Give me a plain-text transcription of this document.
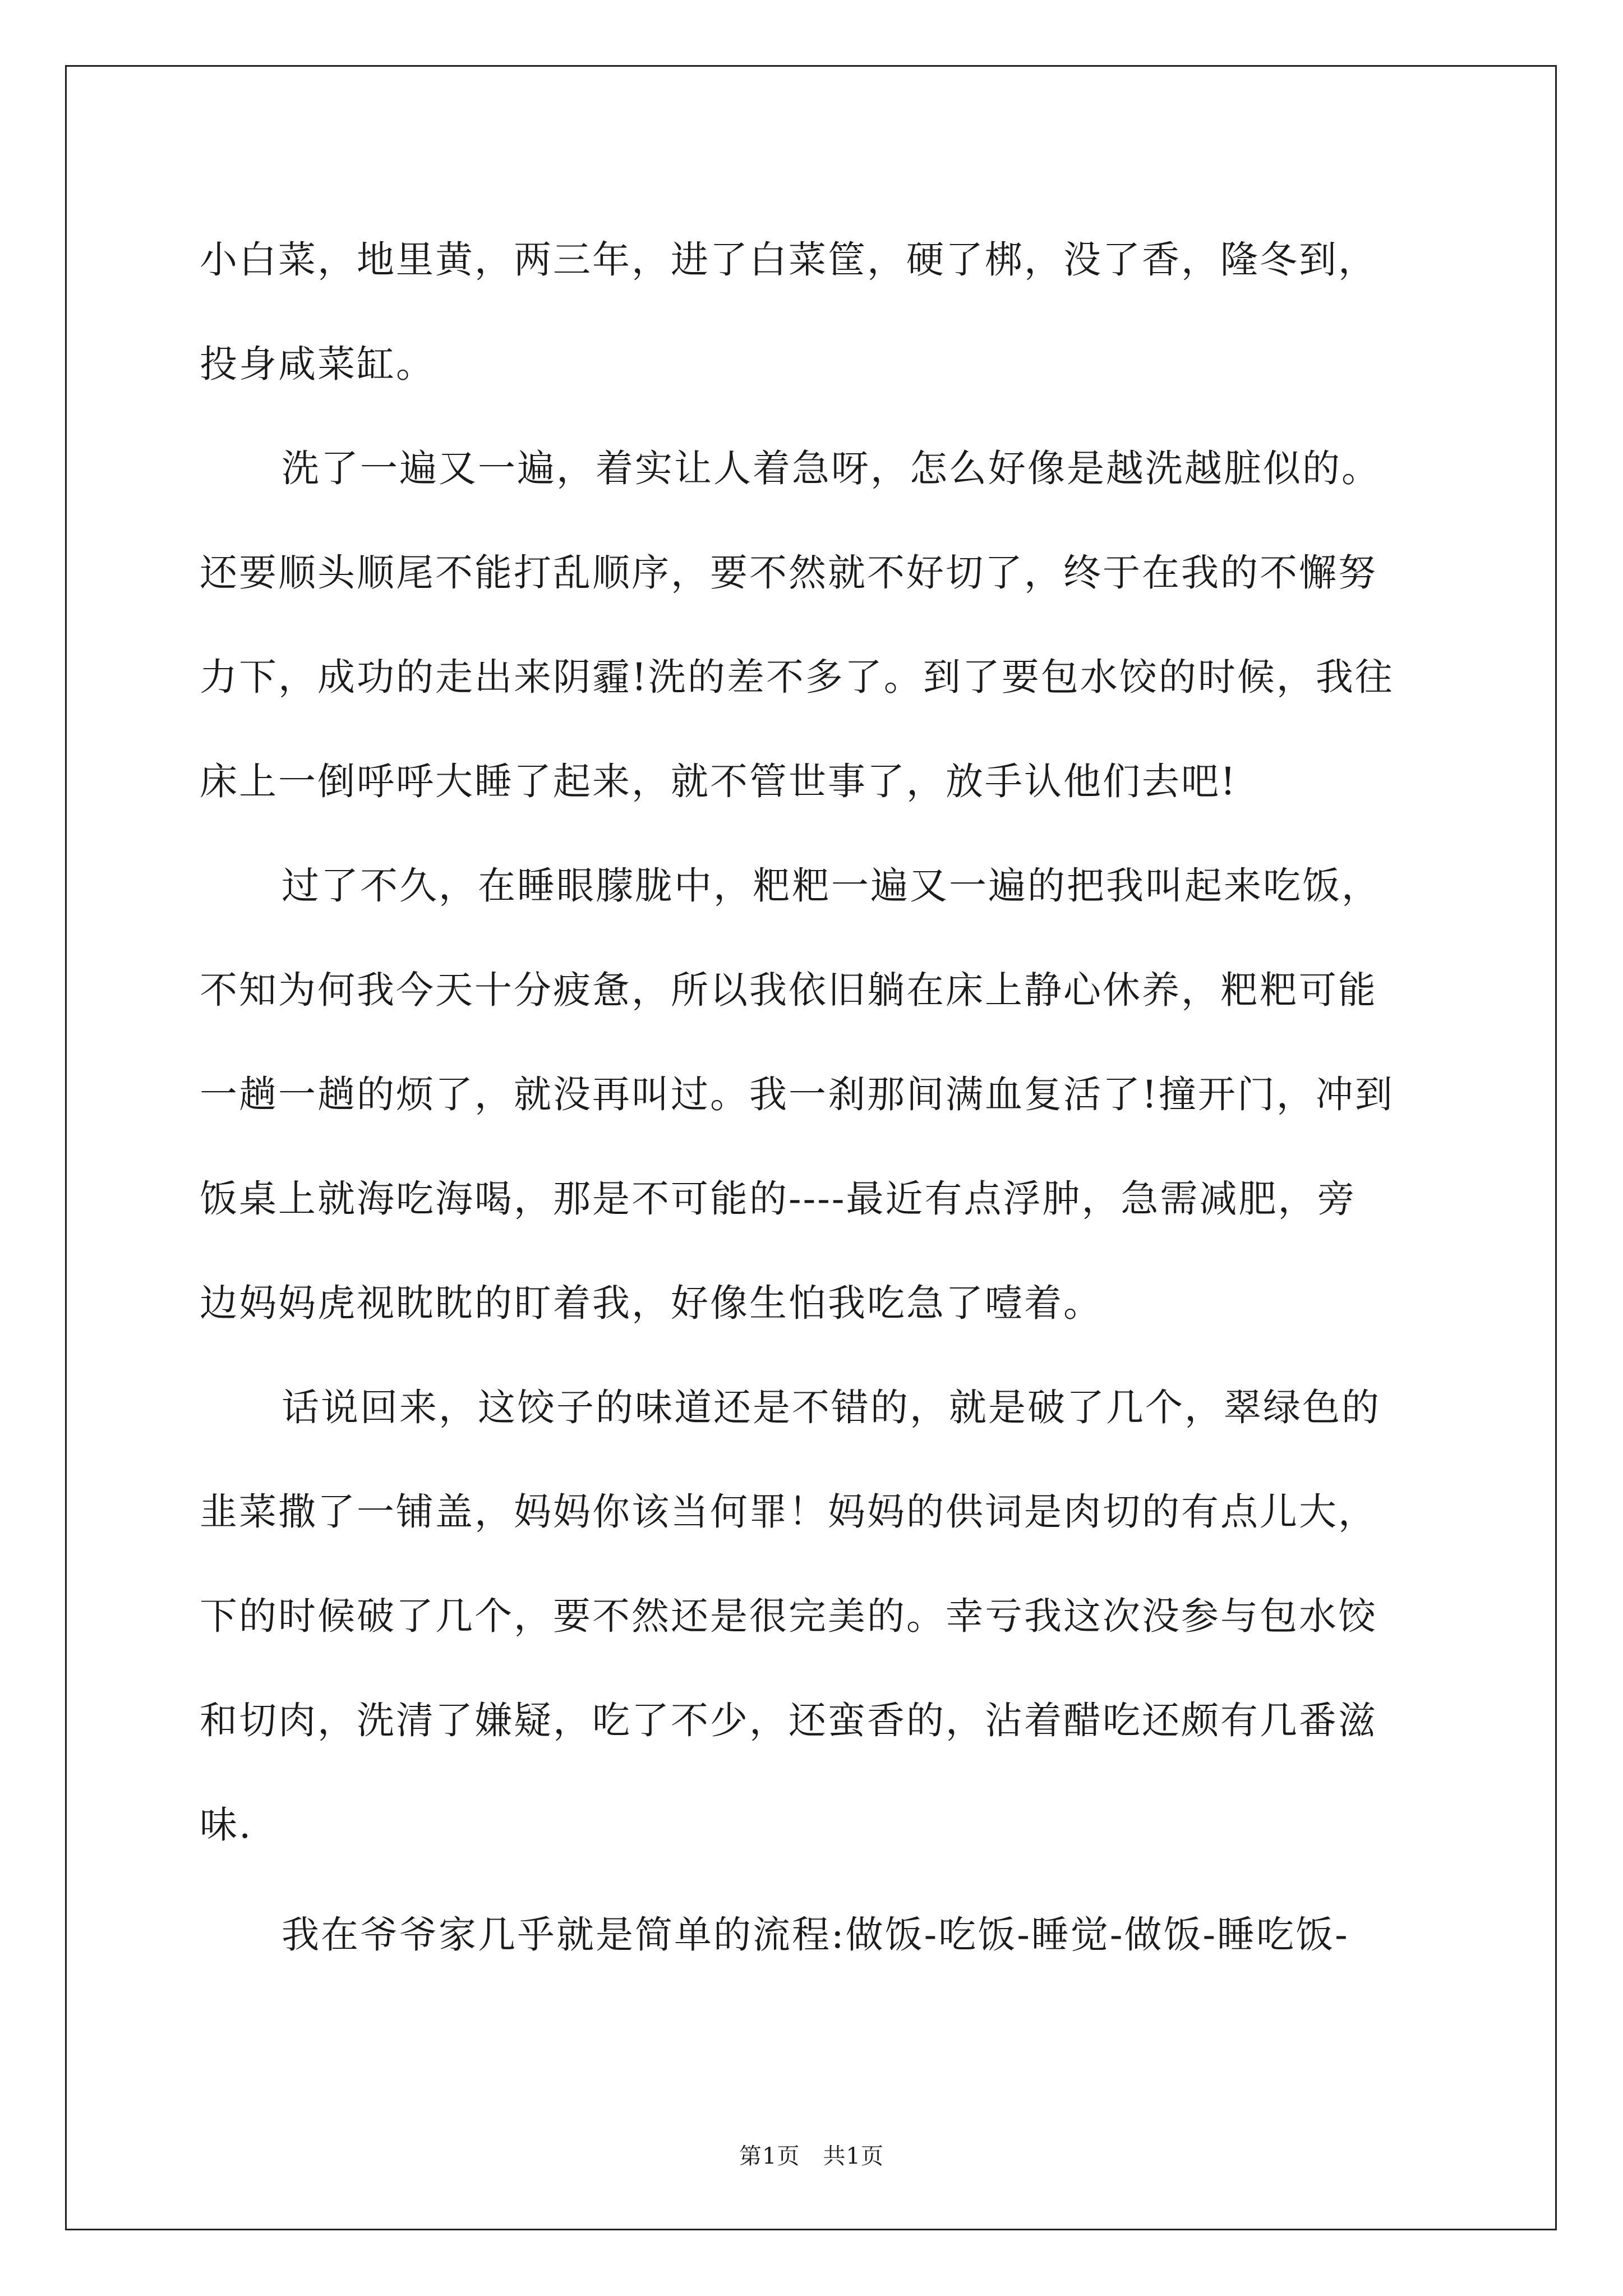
小白菜，地里黄，两三年，进了白菜筐，硬了梆，没了香，隆冬到，
投身咸菜缸。
洗了一遍又一遍，着实让人着急呀，怎么好像是越洗越脏似的。
还要顺头顺尾不能打乱顺序，要不然就不好切了，终于在我的不懈努
力下，成功的走出来阴霾!洗的差不多了。到了要包水饺的时候，我往
床上一倒呼呼大睡了起来，就不管世事了，放手认他们去吧!
过了不久，在睡眼朦胧中，粑粑一遍又一遍的把我叫起来吃饭，
不知为何我今天十分疲惫，所以我依旧躺在床上静心休养，粑粑可能
一趟一趟的烦了，就没再叫过。我一刹那间满血复活了!撞开门，冲到
饭桌上就海吃海喝，那是不可能的----最近有点浮肿，急需减肥，旁
边妈妈虎视眈眈的盯着我，好像生怕我吃急了噎着。
话说回来，这饺子的味道还是不错的，就是破了几个，翠绿色的
韭菜撒了一铺盖，妈妈你该当何罪！妈妈的供词是肉切的有点儿大，
下的时候破了几个，要不然还是很完美的。幸亏我这次没参与包水饺
和切肉，洗清了嫌疑，吃了不少，还蛮香的，沾着醋吃还颇有几番滋
味.
我在爷爷家几乎就是简单的流程:做饭-吃饭-睡觉-做饭-睡吃饭-
第1页　共1页
